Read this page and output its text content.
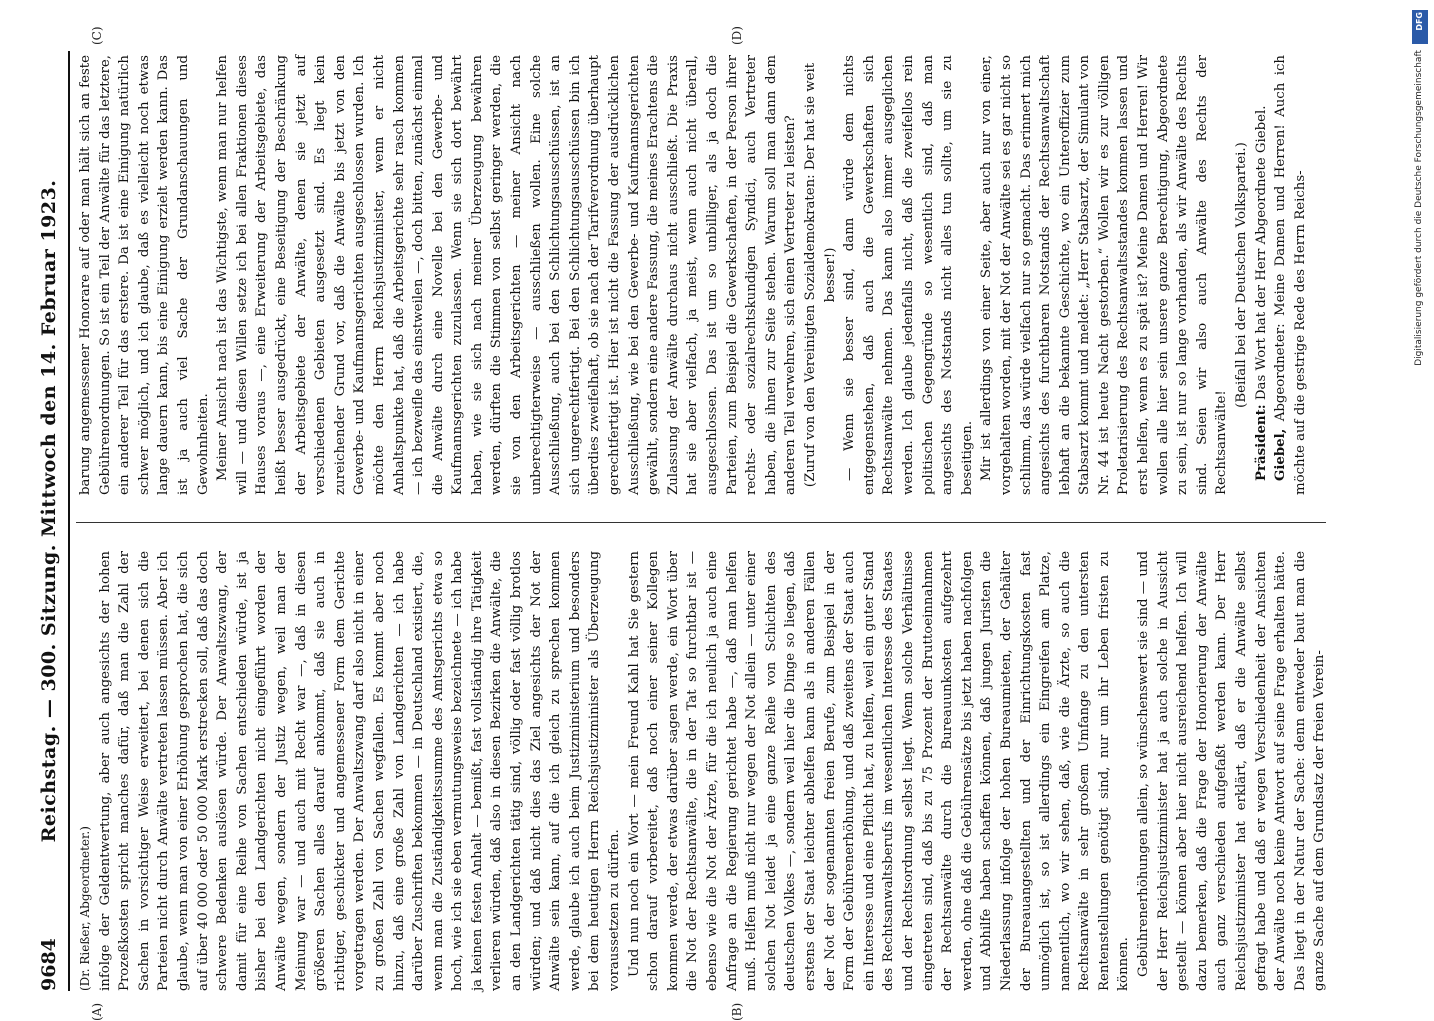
9684
Reichstag. — 300. Sitzung. Mittwoch den 14. Februar 1923.
(A)	(B)
(C)	(D)

(Dr. Rießer, Abgeordneter.) infolge der Geldentwertung, aber auch angesichts der hohen Prozeßkosten spricht manches dafür, daß man die Zahl der Sachen in vorsichtiger Weise erweitert, bei denen sich die Parteien nicht durch Anwälte vertreten lassen müssen. Aber ich glaube, wenn man von einer Erhöhung gesprochen hat, die sich auf über 40 000 oder 50 000 Mark erstrecken soll, daß das doch schwere Bedenken auslösen würde. Der Anwaltszwang, der damit für eine Reihe von Sachen entschieden würde, ist ja bisher bei den Landgerichten nicht eingeführt worden der Anwälte wegen, sondern der Justiz wegen, weil man der Meinung war — und auch mit Recht war —, daß in diesen größeren Sachen alles darauf ankommt, daß sie auch in richtiger, geschickter und angemessener Form dem Gerichte vorgetragen werden. Der Anwaltszwang darf also nicht in einer zu großen Zahl von Sachen wegfallen. Es kommt aber noch hinzu, daß eine große Zahl von Landgerichten — ich habe darüber Zuschriften bekommen — in Deutschland existiert, die, wenn man die Zuständigkeitssumme des Amtsgerichts etwa so hoch, wie ich sie eben vermutungsweise bezeichnete — ich habe ja keinen festen Anhalt — bemißt, fast vollständig ihre Tätigkeit verlieren würden, daß also in diesen Bezirken die Anwälte, die an den Landgerichten tätig sind, völlig oder fast völlig brotlos würden; und daß nicht dies das Ziel angesichts der Not der Anwälte sein kann, auf die ich gleich zu sprechen kommen werde, glaube ich auch beim Justizministerium und besonders bei dem heutigen Herrn Reichsjustizminister als Überzeugung voraussetzen zu dürfen. Und nun noch ein Wort — mein Freund Kahl hat Sie gestern schon darauf vorbereitet, daß noch einer seiner Kollegen kommen werde, der etwas darüber sagen werde, ein Wort über die Not der Rechtsanwälte, die in der Tat so furchtbar ist — ebenso wie die Not der Ärzte, für die ich neulich ja auch eine Anfrage an die Regierung gerichtet habe —, daß man helfen muß. Helfen muß nicht nur wegen der Not allein — unter einer solchen Not leidet ja eine ganze Reihe von Schichten des deutschen Volkes —, sondern weil hier die Dinge so liegen, daß erstens der Staat leichter abhelfen kann als in anderen Fällen der Not der sogenannten freien Berufe, zum Beispiel in der Form der Gebührenerhöhung, und daß zweitens der Staat auch ein Interesse und eine Pflicht hat, zu helfen, weil ein guter Stand des Rechtsanwaltsberufs im wesentlichen Interesse des Staates und der Rechtsordnung selbst liegt. Wenn solche Verhältnisse eingetreten sind, daß bis zu 75 Prozent der Bruttoeinnahmen der Rechtsanwälte durch die Bureauunkosten aufgezehrt werden, ohne daß die Gebührensätze bis jetzt haben nachfolgen und Abhilfe haben schaffen können, daß jungen Juristen die Niederlassung infolge der hohen Bureaumieten, der Gehälter der Bureauangestellten und der Einrichtungskosten fast unmöglich ist, so ist allerdings ein Eingreifen am Platze, namentlich, wo wir sehen, daß, wie die Ärzte, so auch die Rechtsanwälte in sehr großem Umfange zu den untersten Rentenstellungen genötigt sind, nur um ihr Leben fristen zu können. Gebührenerhöhungen allein, so wünschenswert sie sind — und der Herr Reichsjustizminister hat ja auch solche in Aussicht gestellt — können aber hier nicht ausreichend helfen. Ich will dazu bemerken, daß die Frage der Honorierung der Anwälte auch ganz verschieden aufgefaßt werden kann. Der Herr Reichsjustizminister hat erklärt, daß er die Anwälte selbst gefragt habe und daß er wegen Verschiedenheit der Ansichten der Anwälte noch keine Antwort auf seine Frage erhalten hätte. Das liegt in der Natur der Sache: denn entweder baut man die ganze Sache auf dem Grundsatz der freien Verein-

barung angemessener Honorare auf oder man hält sich an feste Gebührenordnungen. So ist ein Teil der Anwälte für das letztere, ein anderer Teil für das erstere. Da ist eine Einigung natürlich schwer möglich, und ich glaube, daß es vielleicht noch etwas lange dauern kann, bis eine Einigung erzielt werden kann. Das ist ja auch viel Sache der Grundanschauungen und Gewohnheiten. Meiner Ansicht nach ist das Wichtigste, wenn man nur helfen will — und diesen Willen setze ich bei allen Fraktionen dieses Hauses voraus —, eine Erweiterung der Arbeitsgebiete, das heißt besser ausgedrückt, eine Beseitigung der Beschränkung der Arbeitsgebiete der Anwälte, denen sie jetzt auf verschiedenen Gebieten ausgesetzt sind. Es liegt kein zureichender Grund vor, daß die Anwälte bis jetzt von den Gewerbe- und Kaufmannsgerichten ausgeschlossen wurden. Ich möchte den Herrn Reichsjustizminister, wenn er nicht Anhaltspunkte hat, daß die Arbeitsgerichte sehr rasch kommen — ich bezweifle das einstweilen —, doch bitten, zunächst einmal die Anwälte durch eine Novelle bei den Gewerbe- und Kaufmannsgerichten zuzulassen. Wenn sie sich dort bewährt haben, wie sie sich nach meiner Überzeugung bewähren werden, dürften die Stimmen von selbst geringer werden, die sie von den Arbeitsgerichten — meiner Ansicht nach unberechtigterweise — ausschließen wollen. Eine solche Ausschließung, auch bei den Schlichtungsausschüssen, ist an sich ungerechtfertigt. Bei den Schlichtungsausschüssen bin ich überdies zweifelhaft, ob sie nach der Tarifverordnung überhaupt gerechtfertigt ist. Hier ist nicht die Fassung der ausdrücklichen Ausschließung, wie bei den Gewerbe- und Kaufmannsgerichten gewählt, sondern eine andere Fassung, die meines Erachtens die Zulassung der Anwälte durchaus nicht ausschließt. Die Praxis hat sie aber vielfach, ja meist, wenn auch nicht überall, ausgeschlossen. Das ist um so unbilliger, als ja doch die Parteien, zum Beispiel die Gewerkschaften, in der Person ihrer rechts- oder sozialrechtskundigen Syndici, auch Vertreter haben, die ihnen zur Seite stehen. Warum soll man dann dem anderen Teil verwehren, sich einen Vertreter zu leisten? (Zuruf von den Vereinigten Sozialdemokraten: Der hat sie weit besser!) — Wenn sie besser sind, dann würde dem nichts entgegenstehen, daß auch die Gewerkschaften sich Rechtsanwälte nehmen. Das kann also immer ausgeglichen werden. Ich glaube jedenfalls nicht, daß die zweifellos rein politischen Gegengründe so wesentlich sind, daß man angesichts des Notstands nicht alles tun sollte, um sie zu beseitigen. Mir ist allerdings von einer Seite, aber auch nur von einer, vorgehalten worden, mit der Not der Anwälte sei es gar nicht so schlimm, das würde vielfach nur so gemacht. Das erinnert mich angesichts des furchtbaren Notstands der Rechtsanwaltschaft lebhaft an die bekannte Geschichte, wo ein Unteroffizier zum Stabsarzt kommt und meldet: „Herr Stabsarzt, der Simulant von Nr. 44 ist heute Nacht gestorben.“ Wollen wir es zur völligen Proletarisierung des Rechtsanwaltsstandes kommen lassen und erst helfen, wenn es zu spät ist? Meine Damen und Herren! Wir wollen alle hier sein unsere ganze Berechtigung, Abgeordnete zu sein, ist nur so lange vorhanden, als wir Anwälte des Rechts sind. Seien wir also auch Anwälte des Rechts der Rechtsanwälte!

(Beifall bei der Deutschen Volkspartei.)

Präsident: Das Wort hat der Herr Abgeordnete Giebel.

Giebel, Abgeordneter: Meine Damen und Herren! Auch ich möchte auf die gestrige Rede des Herrn Reichs-

DFG
Digitalisierung gefördert durch die Deutsche Forschungsgemeinschaft
